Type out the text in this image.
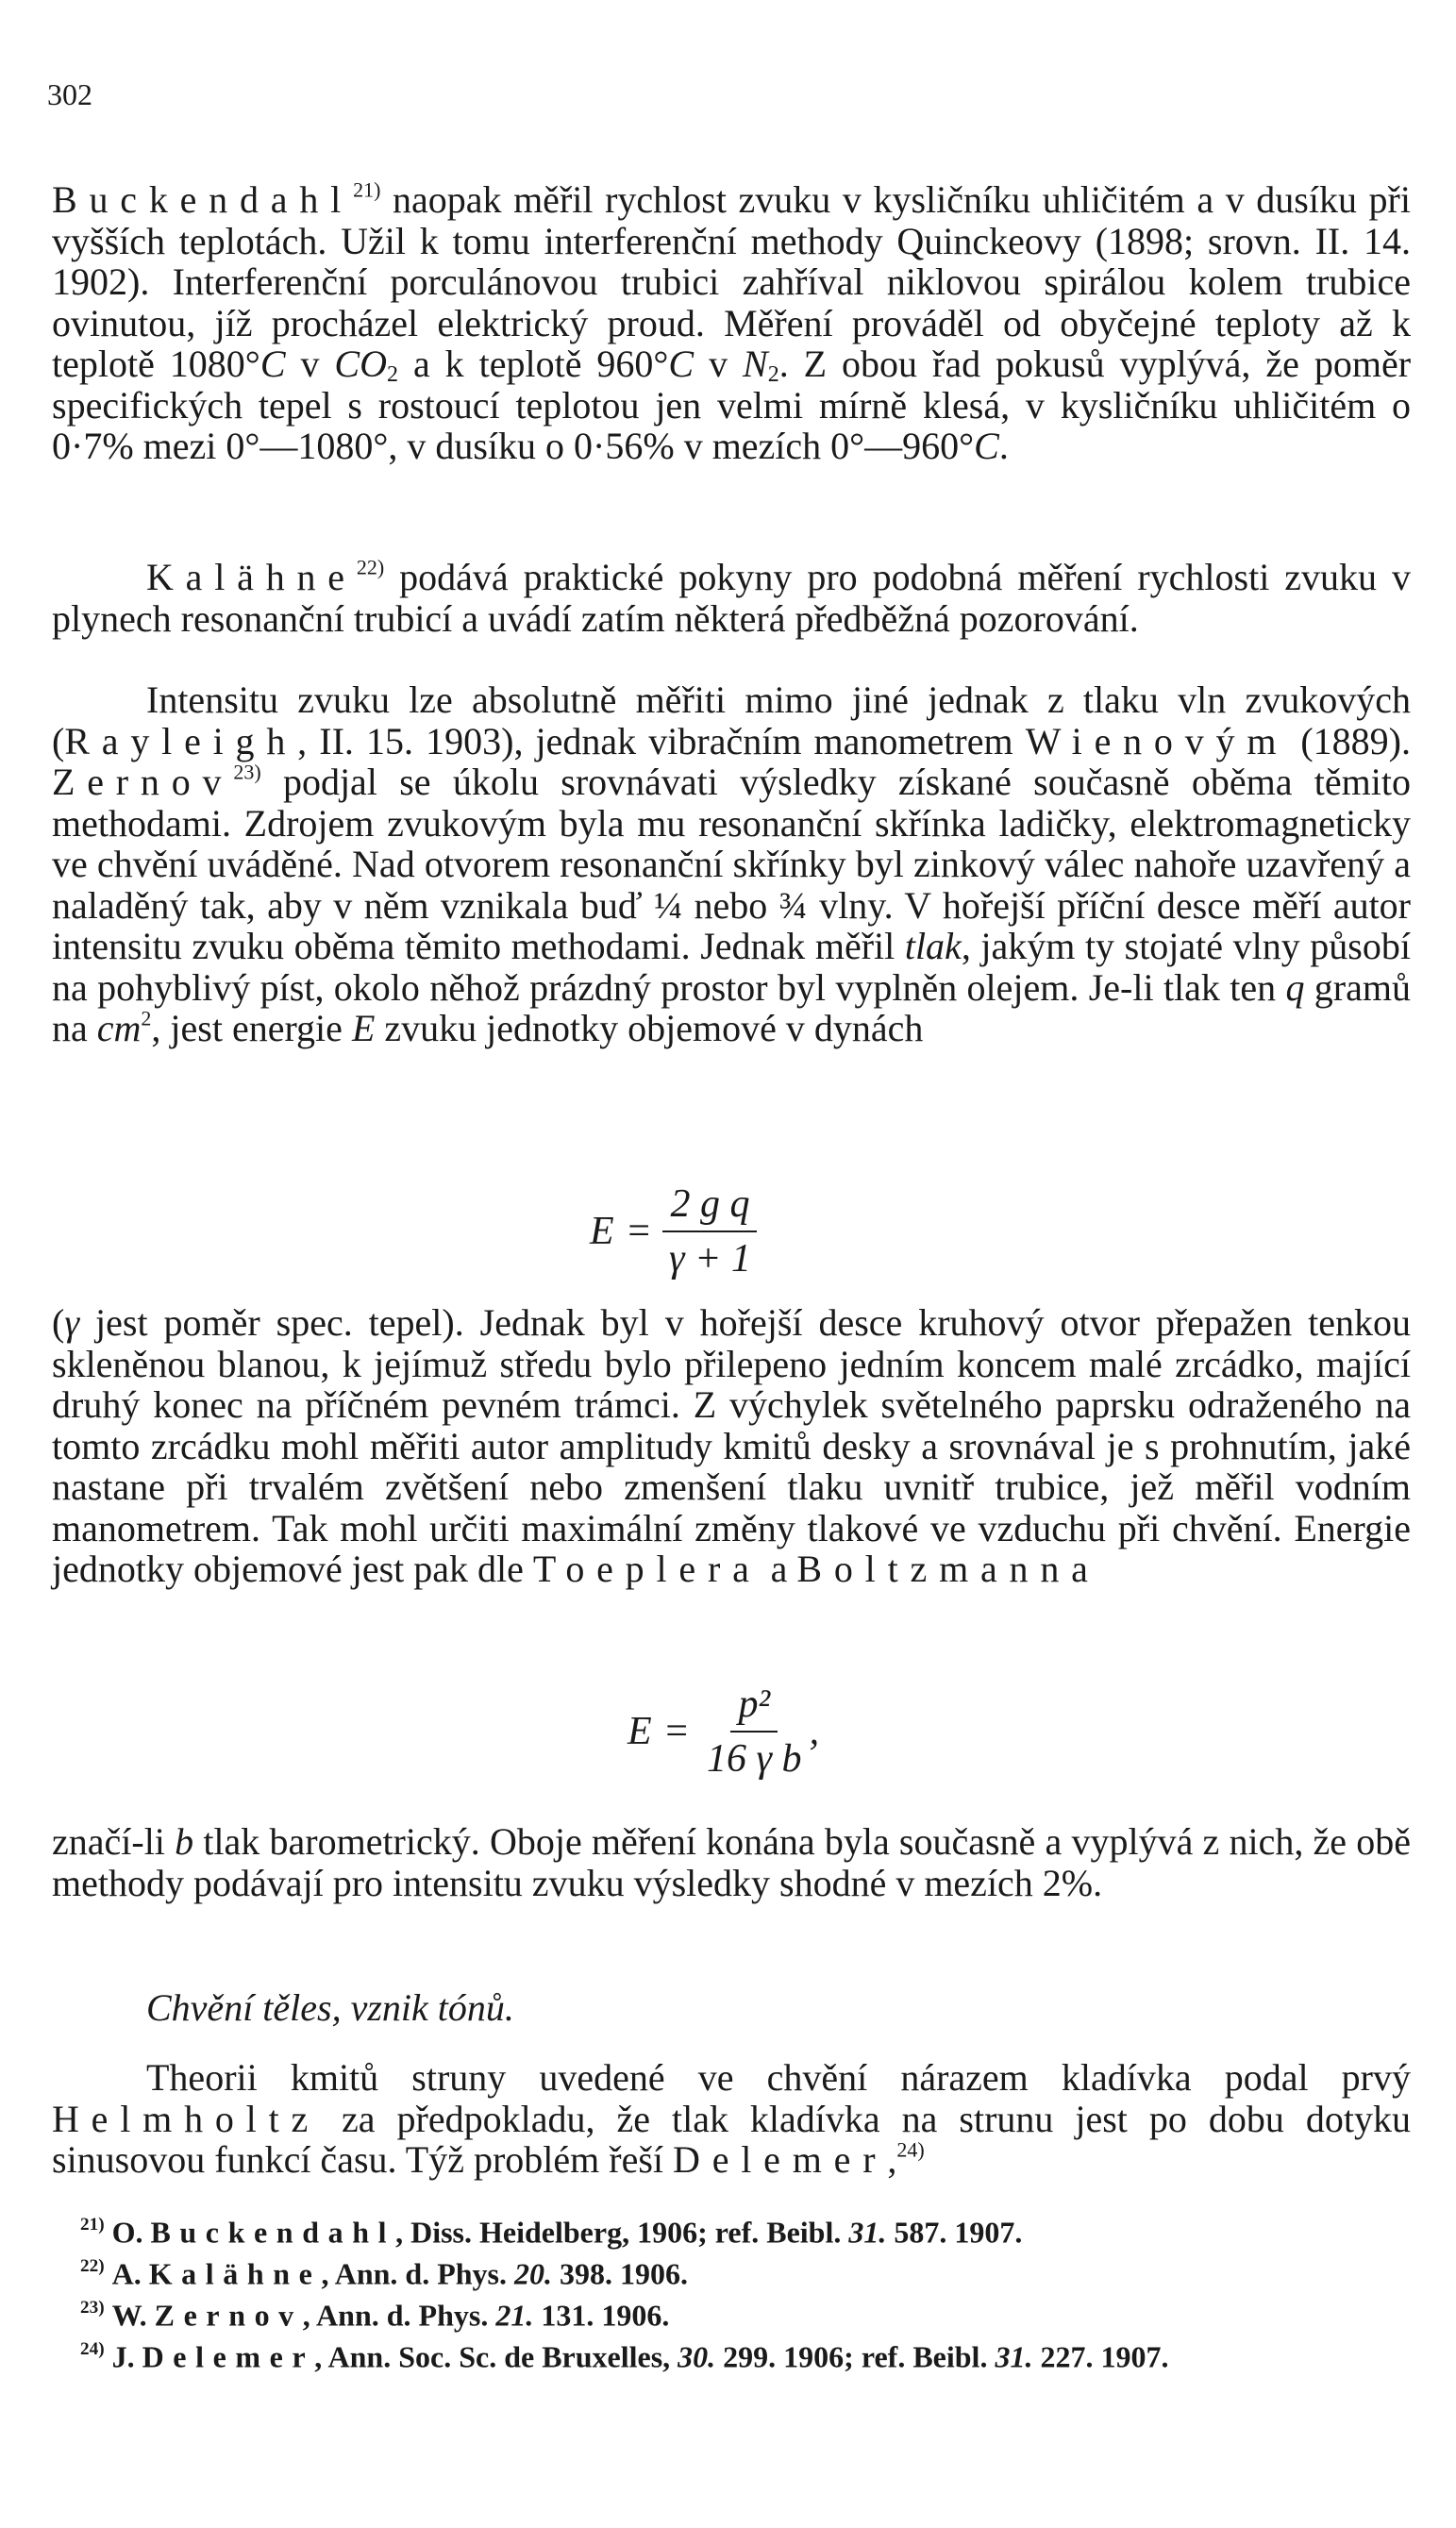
302

Buckendahl$^{21)}$ naopak měřil rychlost zvuku v kysličníku uhličitém a v dusíku při vyšších teplotách. Užil k tomu interferenční methody Quinckeovy (1898; srovn. II. 14. 1902). Interferenční porculánovou trubici zahříval niklovou spirálou kolem trubice ovinutou, jíž procházel elektrický proud. Měření prováděl od obyčejné teploty až k teplotě 1080°C v $CO_2$ a k teplotě 960°C v $N_2$. Z obou řad pokusů vyplývá, že poměr specifických tepel s rostoucí teplotou jen velmi mírně klesá, v kysličníku uhličitém o 0·7% mezi 0°—1080°, v dusíku o 0·56% v mezích 0°—960°C.

Kalähne$^{22)}$ podává praktické pokyny pro podobná měření rychlosti zvuku v plynech resonanční trubicí a uvádí zatím některá předběžná pozorování.

Intensitu zvuku lze absolutně měřiti mimo jiné jednak z tlaku vln zvukových (Rayleigh, II. 15. 1903), jednak vibračním manometrem Wienovým (1889). Zernov$^{23)}$ podjal se úkolu srovnávati výsledky získané současně oběma těmito methodami. Zdrojem zvukovým byla mu resonanční skřínka ladičky, elektromagneticky ve chvění uváděné. Nad otvorem resonanční skřínky byl zinkový válec nahoře uzavřený a naladěný tak, aby v něm vznikala buď ¼ nebo ¾ vlny. V hořejší příční desce měří autor intensitu zvuku oběma těmito methodami. Jednak měřil tlak, jakým ty stojaté vlny působí na pohyblivý píst, okolo něhož prázdný prostor byl vyplněn olejem. Je-li tlak ten q gramů na $cm^2$, jest energie E zvuku jednotky objemové v dynách

$E = \frac{\text{2 g q}}{\gamma + 1}$

(γ jest poměr spec. tepel). Jednak byl v hořejší desce kruhový otvor přepažen tenkou skleněnou blanou, k jejímuž středu bylo přilepeno jedním koncem malé zrcádko, mající druhý konec na příčném pevném trámci. Z výchylek světelného paprsku odraženého na tomto zrcádku mohl měřiti autor amplitudy kmitů desky a srovnával je s prohnutím, jaké nastane při trvalém zvětšení nebo zmenšení tlaku uvnitř trubice, jež měřil vodním manometrem. Tak mohl určiti maximální změny tlakové ve vzduchu při chvění. Energie jednotky objemové jest pak dle Toeplera a Boltzmanna

$E = \frac{\text{p²}}{\text{16 γ b}}$ ,

značí-li b tlak barometrický. Oboje měření konána byla současně a vyplývá z nich, že obě methody podávají pro intensitu zvuku výsledky shodné v mezích 2%.

Chvění těles, vznik tónů.

Theorii kmitů struny uvedené ve chvění nárazem kladívka podal prvý Helmholtz za předpokladu, že tlak kladívka na strunu jest po dobu dotyku sinusovou funkcí času. Týž problém řeší Delemer,$^{24)}$

$^{21)}$ O. Buckendahl, Diss. Heidelberg, 1906; ref. Beibl. 31. 587. 1907.
$^{22)}$ A. Kalähne, Ann. d. Phys. 20. 398. 1906.
$^{23)}$ W. Zernov, Ann. d. Phys. 21. 131. 1906.
$^{24)}$ J. Delemer, Ann. Soc. Sc. de Bruxelles, 30. 299. 1906; ref. Beibl. 31. 227. 1907.
